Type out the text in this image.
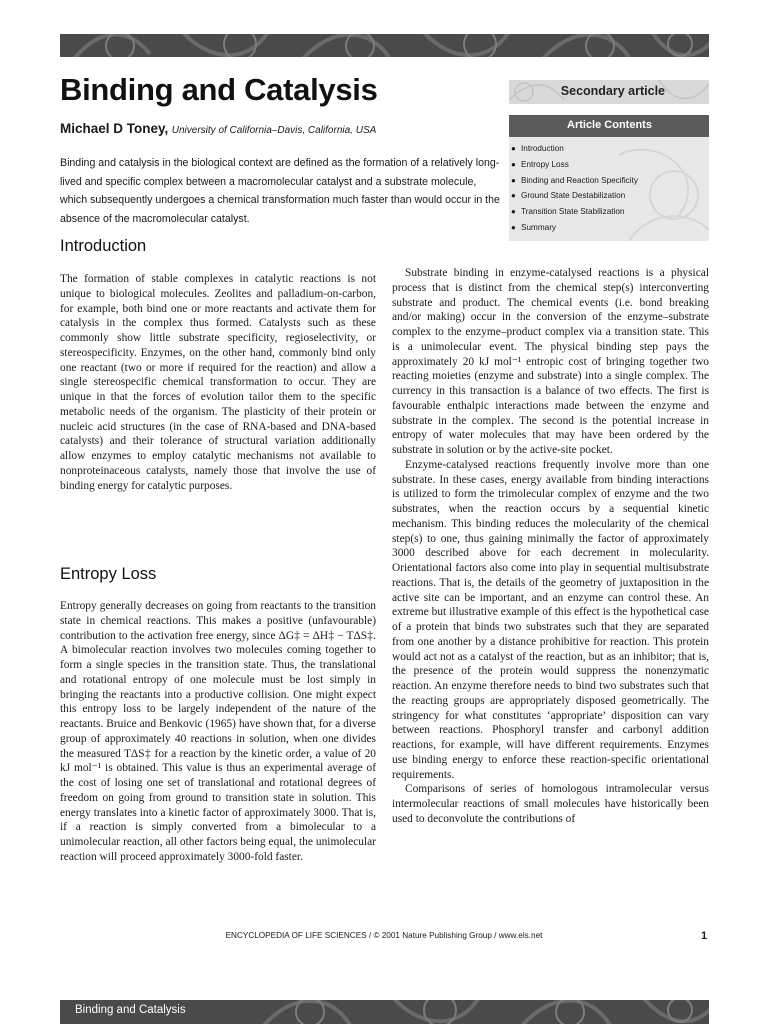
Binding and Catalysis
Michael D Toney, University of California–Davis, California, USA

Binding and catalysis in the biological context are defined as the formation of a relatively long-lived and specific complex between a macromolecular catalyst and a substrate molecule, which subsequently undergoes a chemical transformation much faster than would occur in the absence of the macromolecular catalyst.

Secondary article
Article Contents
● Introduction
● Entropy Loss
● Binding and Reaction Specificity
● Ground State Destabilization
● Transition State Stabilization
● Summary
Introduction

The formation of stable complexes in catalytic reactions is not unique to biological molecules. Zeolites and palladium-on-carbon, for example, both bind one or more reactants and activate them for catalysis in the complex thus formed. Catalysts such as these commonly show little substrate specificity, regioselectivity, or stereospecificity. Enzymes, on the other hand, commonly bind only one reactant (two or more if required for the reaction) and allow a single stereospecific chemical transformation to occur. They are unique in that the forces of evolution tailor them to the specific metabolic needs of the organism. The plasticity of their protein or nucleic acid structures (in the case of RNA-based and DNA-based catalysts) and their tolerance of structural variation additionally allow enzymes to employ catalytic mechanisms not available to nonproteinaceous catalysts, namely those that involve the use of binding energy for catalytic purposes.

Entropy Loss

Entropy generally decreases on going from reactants to the transition state in chemical reactions. This makes a positive (unfavourable) contribution to the activation free energy, since ΔG‡ = ΔH‡ − TΔS‡. A bimolecular reaction involves two molecules coming together to form a single species in the transition state. Thus, the translational and rotational entropy of one molecule must be lost simply in bringing the reactants into a productive collision. One might expect this entropy loss to be largely independent of the nature of the reactants. Bruice and Benkovic (1965) have shown that, for a diverse group of approximately 40 reactions in solution, when one divides the measured TΔS‡ for a reaction by the kinetic order, a value of 20 kJ mol⁻¹ is obtained. This value is thus an experimental average of the cost of losing one set of translational and rotational degrees of freedom on going from ground to transition state in solution. This energy translates into a kinetic factor of approximately 3000. That is, if a reaction is simply converted from a bimolecular to a unimolecular reaction, all other factors being equal, the unimolecular reaction will proceed approximately 3000-fold faster.

Substrate binding in enzyme-catalysed reactions is a physical process that is distinct from the chemical step(s) interconverting substrate and product. The chemical events (i.e. bond breaking and/or making) occur in the conversion of the enzyme–substrate complex to the enzyme–product complex via a transition state. This is a unimolecular event. The physical binding step pays the approximately 20 kJ mol⁻¹ entropic cost of bringing together two reacting moieties (enzyme and substrate) into a single complex. The currency in this transaction is a balance of two effects. The first is favourable enthalpic interactions made between the enzyme and substrate in the complex. The second is the potential increase in entropy of water molecules that may have been ordered by the substrate in solution or by the active-site pocket.

Enzyme-catalysed reactions frequently involve more than one substrate. In these cases, energy available from binding interactions is utilized to form the trimolecular complex of enzyme and the two substrates, when the reaction occurs by a sequential kinetic mechanism. This binding reduces the molecularity of the chemical step(s) to one, thus gaining minimally the factor of approximately 3000 described above for each decrement in molecularity. Orientational factors also come into play in sequential multisubstrate reactions. That is, the details of the geometry of juxtaposition in the active site can be important, and an enzyme can control these. An extreme but illustrative example of this effect is the hypothetical case of a protein that binds two substrates such that they are separated from one another by a distance prohibitive for reaction. This protein would act not as a catalyst of the reaction, but as an inhibitor; that is, the presence of the protein would suppress the nonenzymatic reaction. An enzyme therefore needs to bind two substrates such that the reacting groups are appropriately disposed geometrically. The stringency for what constitutes ‘appropriate’ disposition can vary between reactions. Phosphoryl transfer and carbonyl addition reactions, for example, will have different requirements. Enzymes use binding energy to enforce these reaction-specific orientational requirements.

Comparisons of series of homologous intramolecular versus intermolecular reactions of small molecules have historically been used to deconvolute the contributions of

ENCYCLOPEDIA OF LIFE SCIENCES / © 2001 Nature Publishing Group / www.els.net	1
Binding and Catalysis
